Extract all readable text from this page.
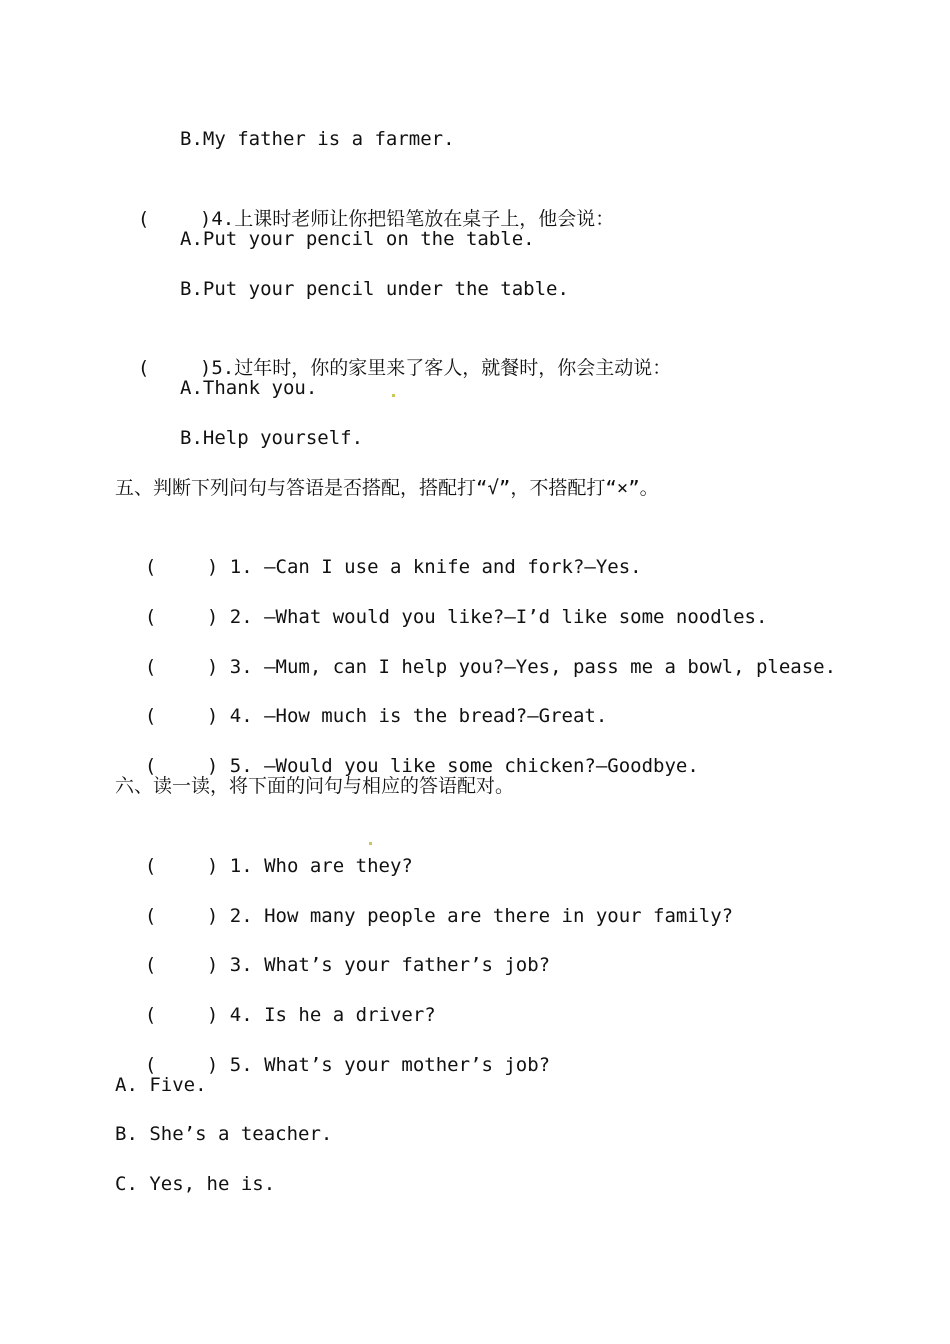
B.My father is a farmer.

(	)4.上课时老师让你把铅笔放在桌子上，他会说：

A.Put your pencil on the table.
B.Put your pencil under the table.

(	)5.过年时，你的家里来了客人，就餐时，你会主动说：

A.Thank you.
B.Help yourself.
五、判断下列问句与答语是否搭配，搭配打“√”，不搭配打“×”。

(	) 1. —Can I use a knife and fork?—Yes.

(	) 2. —What would you like?—I’d like some noodles.

(	) 3. —Mum, can I help you?—Yes, pass me a bowl, please.

(	) 4. —How much is the bread?—Great.

(	) 5. —Would you like some chicken?—Goodbye.

六、读一读，将下面的问句与相应的答语配对。

(	) 1. Who are they?

(	) 2. How many people are there in your family?

(	) 3. What’s your father’s job?

(	) 4. Is he a driver?

(	) 5. What’s your mother’s job?

A. Five.
B. She’s a teacher.
C. Yes, he is.
